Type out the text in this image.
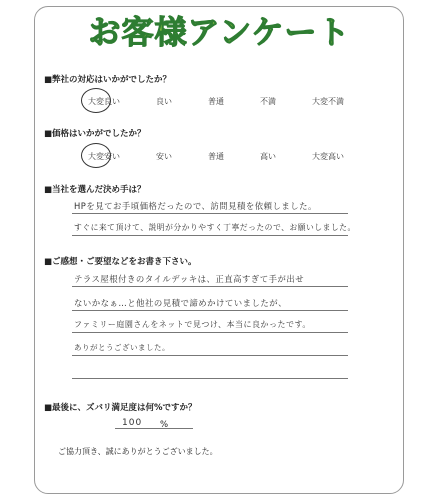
お客様アンケート
■弊社の対応はいかがでしたか？
大変良い	良い	普通	不満	大変不満
■価格はいかがでしたか？
大変安い	安い	普通	高い	大変高い
■当社を選んだ決め手は？
HPを見てお手頃価格だったので、訪問見積を依頼しました。
すぐに来て頂けて、説明が分かりやすく丁寧だったので、お願いしました。
■ご感想・ご要望などをお書き下さい。
テラス屋根付きのタイルデッキは、正直高すぎて手が出せ
ないかなぁ…と他社の見積で諦めかけていましたが、
ファミリー庭園さんをネットで見つけ、本当に良かったです。
ありがとうございました。
■最後に、ズバリ満足度は何%ですか？
100 %
ご協力頂き、誠にありがとうございました。
